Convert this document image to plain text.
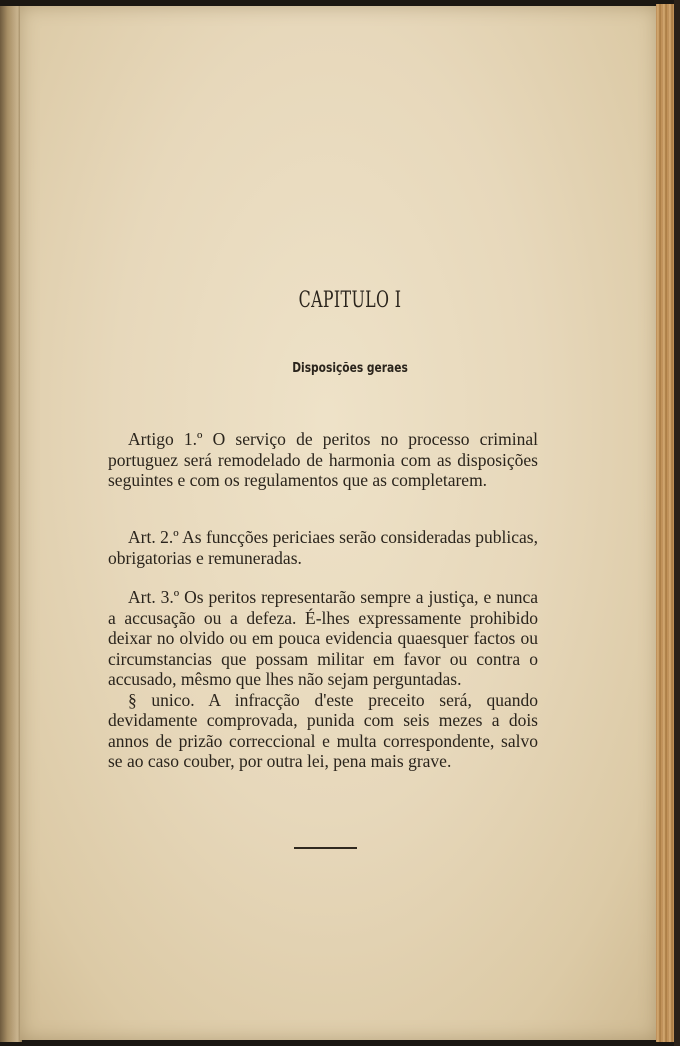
CAPITULO I
Disposições geraes

Artigo 1.º O serviço de peritos no processo criminal portuguez será remodelado de harmonia com as disposições seguintes e com os regulamentos que as completarem.

Art. 2.º As funcções periciaes serão consideradas publicas, obrigatorias e remuneradas.

Art. 3.º Os peritos representarão sempre a justiça, e nunca a accusação ou a defeza. É-lhes expressamente prohibido deixar no olvido ou em pouca evidencia quaesquer factos ou circumstancias que possam militar em favor ou contra o accusado, mêsmo que lhes não sejam perguntadas.

§ unico. A infracção d'este preceito será, quando devidamente comprovada, punida com seis mezes a dois annos de prizão correccional e multa correspondente, salvo se ao caso couber, por outra lei, pena mais grave.
